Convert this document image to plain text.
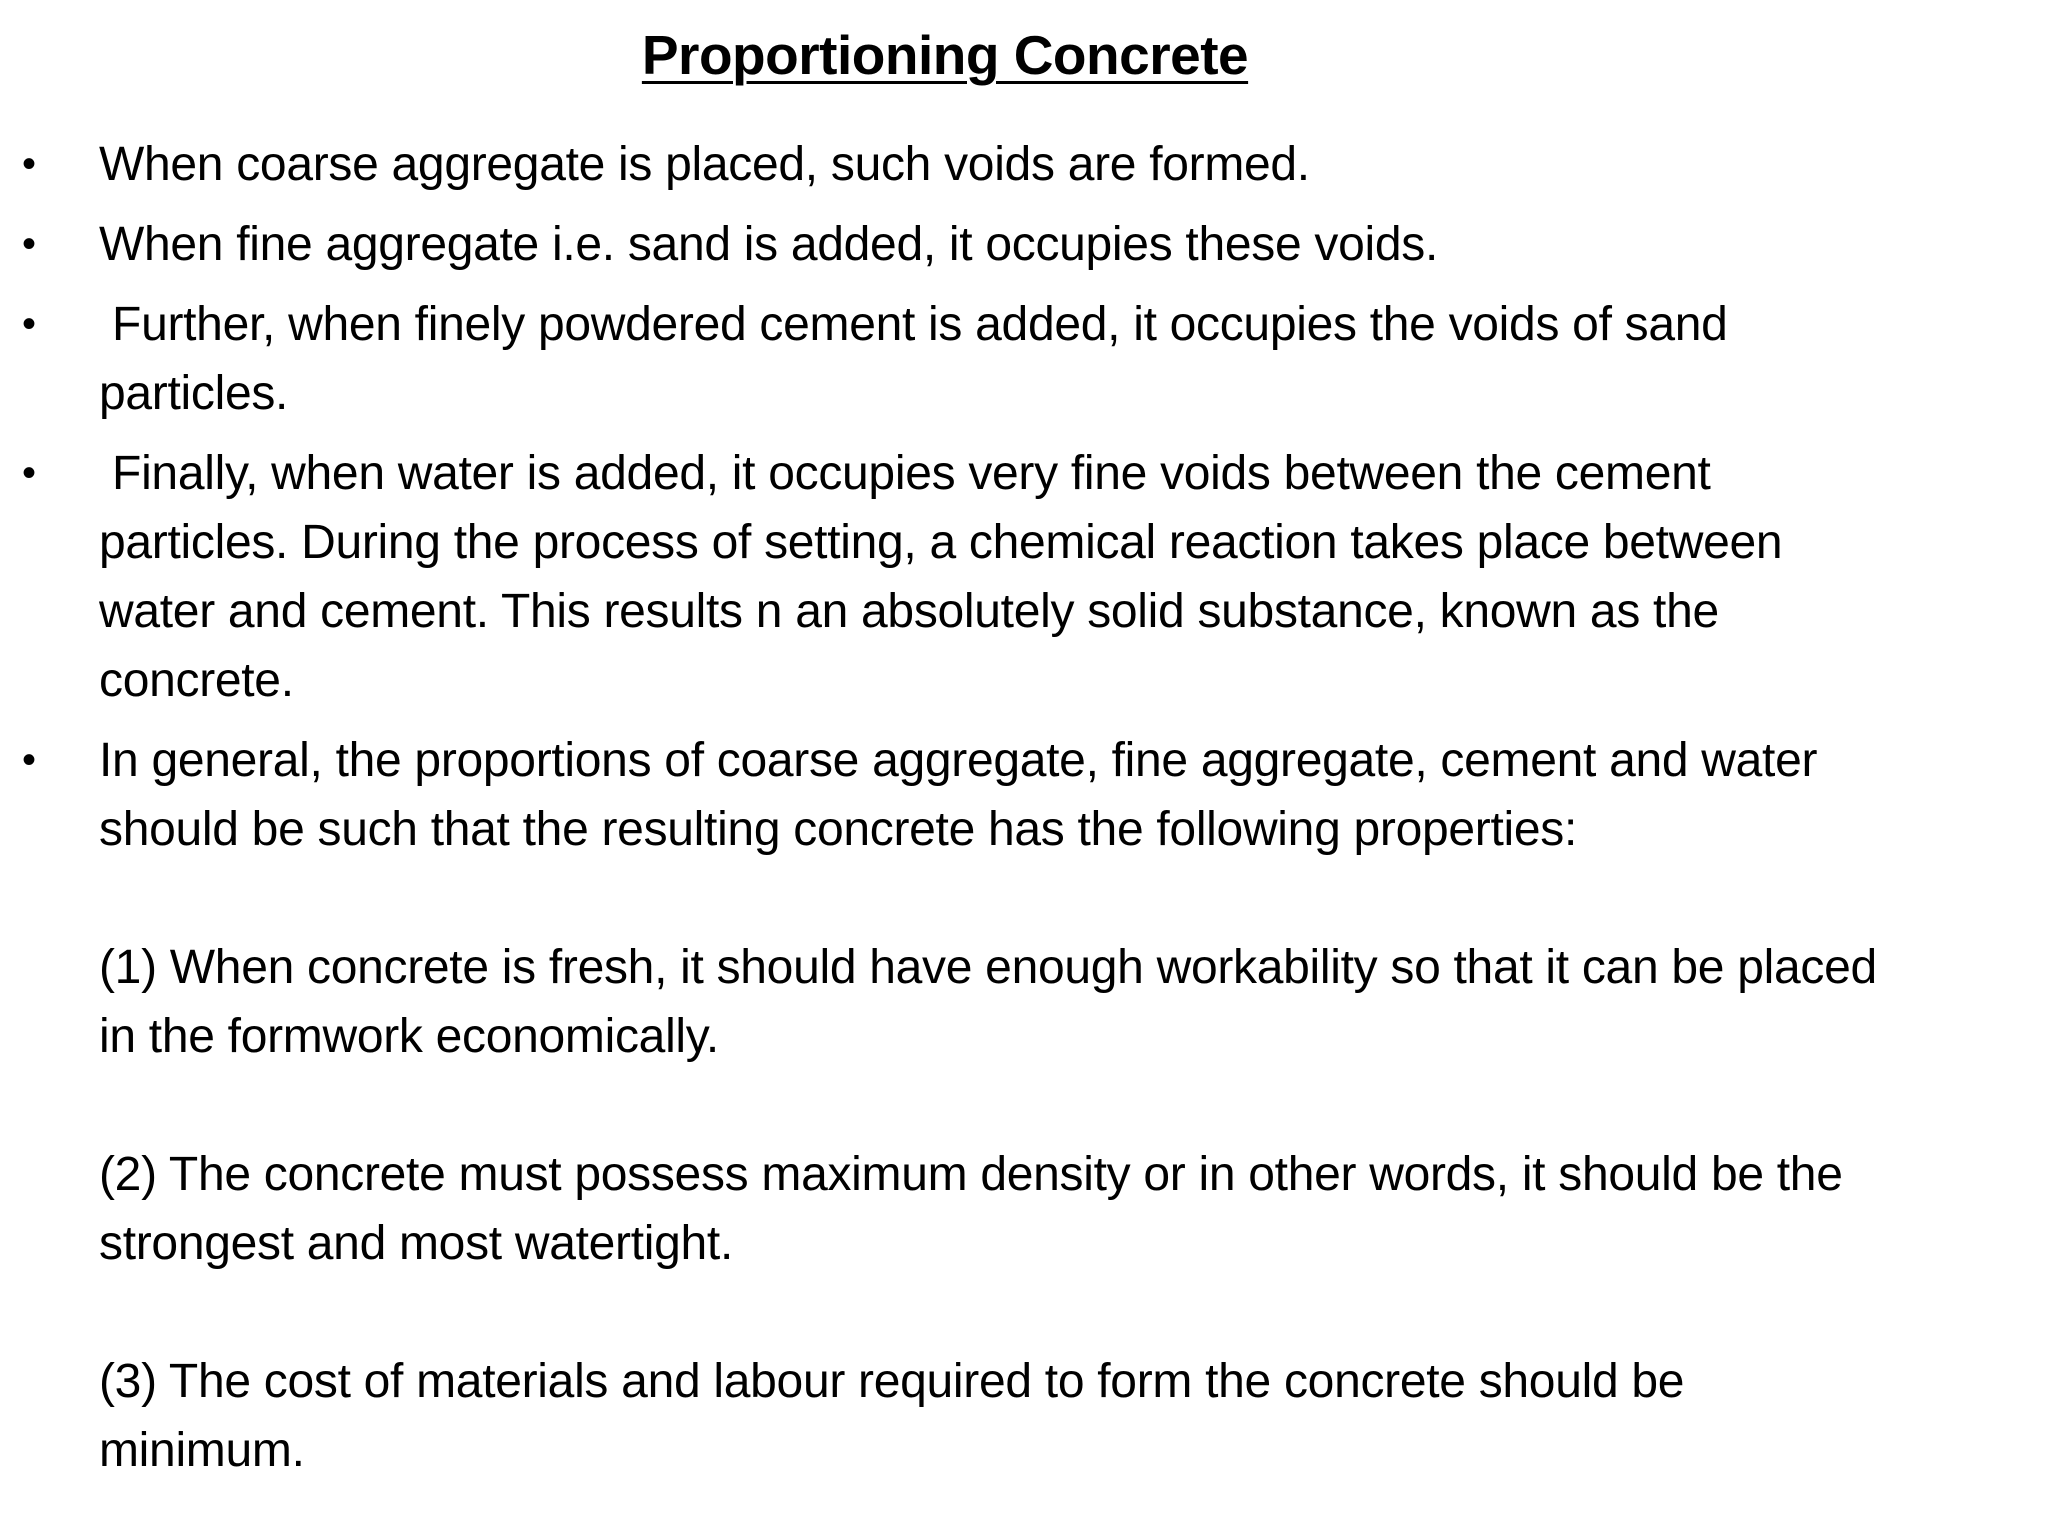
Proportioning Concrete
• When coarse aggregate is placed, such voids are formed.
• When fine aggregate i.e. sand is added, it occupies these voids.
• Further, when finely powdered cement is added, it occupies the voids of sand particles.
• Finally, when water is added, it occupies very fine voids between the cement particles. During the process of setting, a chemical reaction takes place between water and cement. This results n an absolutely solid substance, known as the concrete.
• In general, the proportions of coarse aggregate, fine aggregate, cement and water should be such that the resulting concrete has the following properties:
(1) When concrete is fresh, it should have enough workability so that it can be placed in the formwork economically.
(2) The concrete must possess maximum density or in other words, it should be the strongest and most watertight.
(3) The cost of materials and labour required to form the concrete should be minimum.
